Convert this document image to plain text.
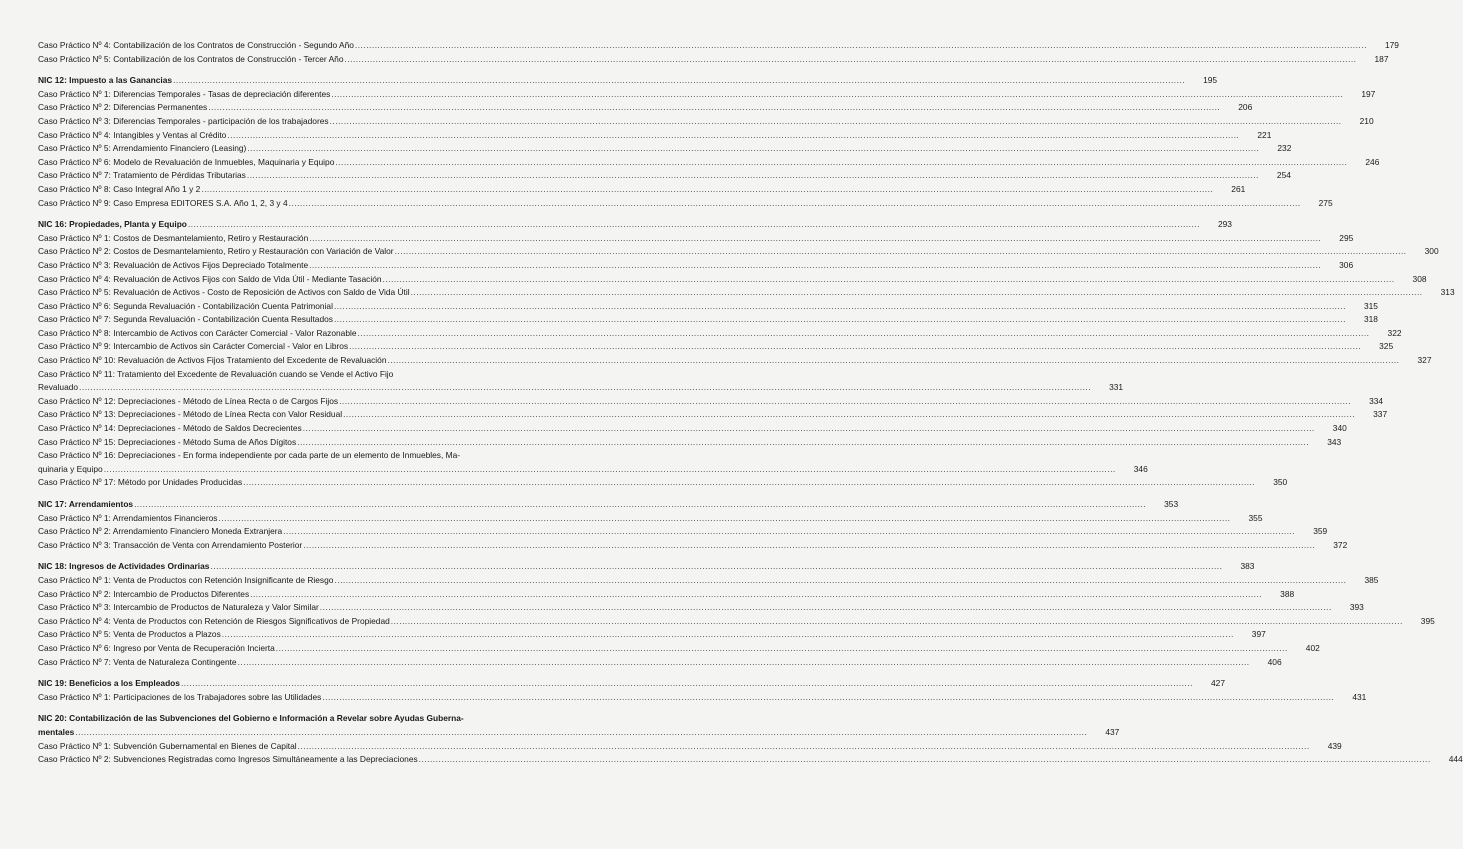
Caso Práctico Nº 4: Contabilización de los Contratos de Construcción - Segundo Año .....	179
Caso Práctico Nº 5: Contabilización de los Contratos de Construcción - Tercer Año .....	187
NIC 12: Impuesto a las Ganancias .....	195
Caso Práctico Nº 1: Diferencias Temporales - Tasas de depreciación diferentes .....	197
Caso Práctico Nº 2: Diferencias Permanentes .....	206
Caso Práctico Nº 3: Diferencias Temporales - participación de los trabajadores .....	210
Caso Práctico Nº 4: Intangibles y Ventas al Crédito .....	221
Caso Práctico Nº 5: Arrendamiento Financiero (Leasing) .....	232
Caso Práctico Nº 6: Modelo de Revaluación de Inmuebles, Maquinaria y Equipo .....	246
Caso Práctico Nº 7: Tratamiento de Pérdidas Tributarias .....	254
Caso Práctico Nº 8: Caso Integral Año 1 y 2 .....	261
Caso Práctico Nº 9: Caso Empresa EDITORES S.A. Año 1, 2, 3 y 4 .....	275
NIC 16: Propiedades, Planta y Equipo .....	293
Caso Práctico Nº 1: Costos de Desmantelamiento, Retiro y Restauración .....	295
Caso Práctico Nº 2: Costos de Desmantelamiento, Retiro y Restauración con Variación de Valor .....	300
Caso Práctico Nº 3: Revaluación de Activos Fijos Depreciado Totalmente .....	306
Caso Práctico Nº 4: Revaluación de Activos Fijos con Saldo de Vida Útil - Mediante Tasación .....	308
Caso Práctico Nº 5: Revaluación de Activos - Costo de Reposición de Activos con Saldo de Vida Útil .....	313
Caso Práctico Nº 6: Segunda Revaluación - Contabilización Cuenta Patrimonial .....	315
Caso Práctico Nº 7: Segunda Revaluación - Contabilización Cuenta Resultados .....	318
Caso Práctico Nº 8: Intercambio de Activos con Carácter Comercial - Valor Razonable .....	322
Caso Práctico Nº 9: Intercambio de Activos sin Carácter Comercial - Valor en Libros .....	325
Caso Práctico Nº 10: Revaluación de Activos Fijos Tratamiento del Excedente de Revaluación .....	327
Caso Práctico Nº 11: Tratamiento del Excedente de Revaluación cuando se Vende el Activo Fijo
Revaluado .....	331
Caso Práctico Nº 12: Depreciaciones - Método de Línea Recta o de Cargos Fijos .....	334
Caso Práctico Nº 13: Depreciaciones - Método de Línea Recta con Valor Residual .....	337
Caso Práctico Nº 14: Depreciaciones - Método de Saldos Decrecientes .....	340
Caso Práctico Nº 15: Depreciaciones - Método Suma de Años Dígitos .....	343
Caso Práctico Nº 16: Depreciaciones - En forma independiente por cada parte de un elemento de Inmuebles, Ma-
quinaria y Equipo .....	346
Caso Práctico Nº 17: Método por Unidades Producidas .....	350
NIC 17: Arrendamientos .....	353
Caso Práctico Nº 1: Arrendamientos Financieros .....	355
Caso Práctico Nº 2: Arrendamiento Financiero Moneda Extranjera .....	359
Caso Práctico Nº 3: Transacción de Venta con Arrendamiento Posterior .....	372
NIC 18: Ingresos de Actividades Ordinarias .....	383
Caso Práctico Nº 1: Venta de Productos con Retención Insignificante de Riesgo .....	385
Caso Práctico Nº 2: Intercambio de Productos Diferentes .....	388
Caso Práctico Nº 3: Intercambio de Productos de Naturaleza y Valor Similar .....	393
Caso Práctico Nº 4: Venta de Productos con Retención de Riesgos Significativos de Propiedad .....	395
Caso Práctico Nº 5: Venta de Productos a Plazos .....	397
Caso Práctico Nº 6: Ingreso por Venta de Recuperación Incierta .....	402
Caso Práctico Nº 7: Venta de Naturaleza Contingente .....	406
NIC 19: Beneficios a los Empleados .....	427
Caso Práctico Nº 1: Participaciones de los Trabajadores sobre las Utilidades .....	431
NIC 20: Contabilización de las Subvenciones del Gobierno e Información a Revelar sobre Ayudas Guberna-
mentales .....	437
Caso Práctico Nº 1: Subvención Gubernamental en Bienes de Capital .....	439
Caso Práctico Nº 2: Subvenciones Registradas como Ingresos Simultáneamente a las Depreciaciones .....	444
